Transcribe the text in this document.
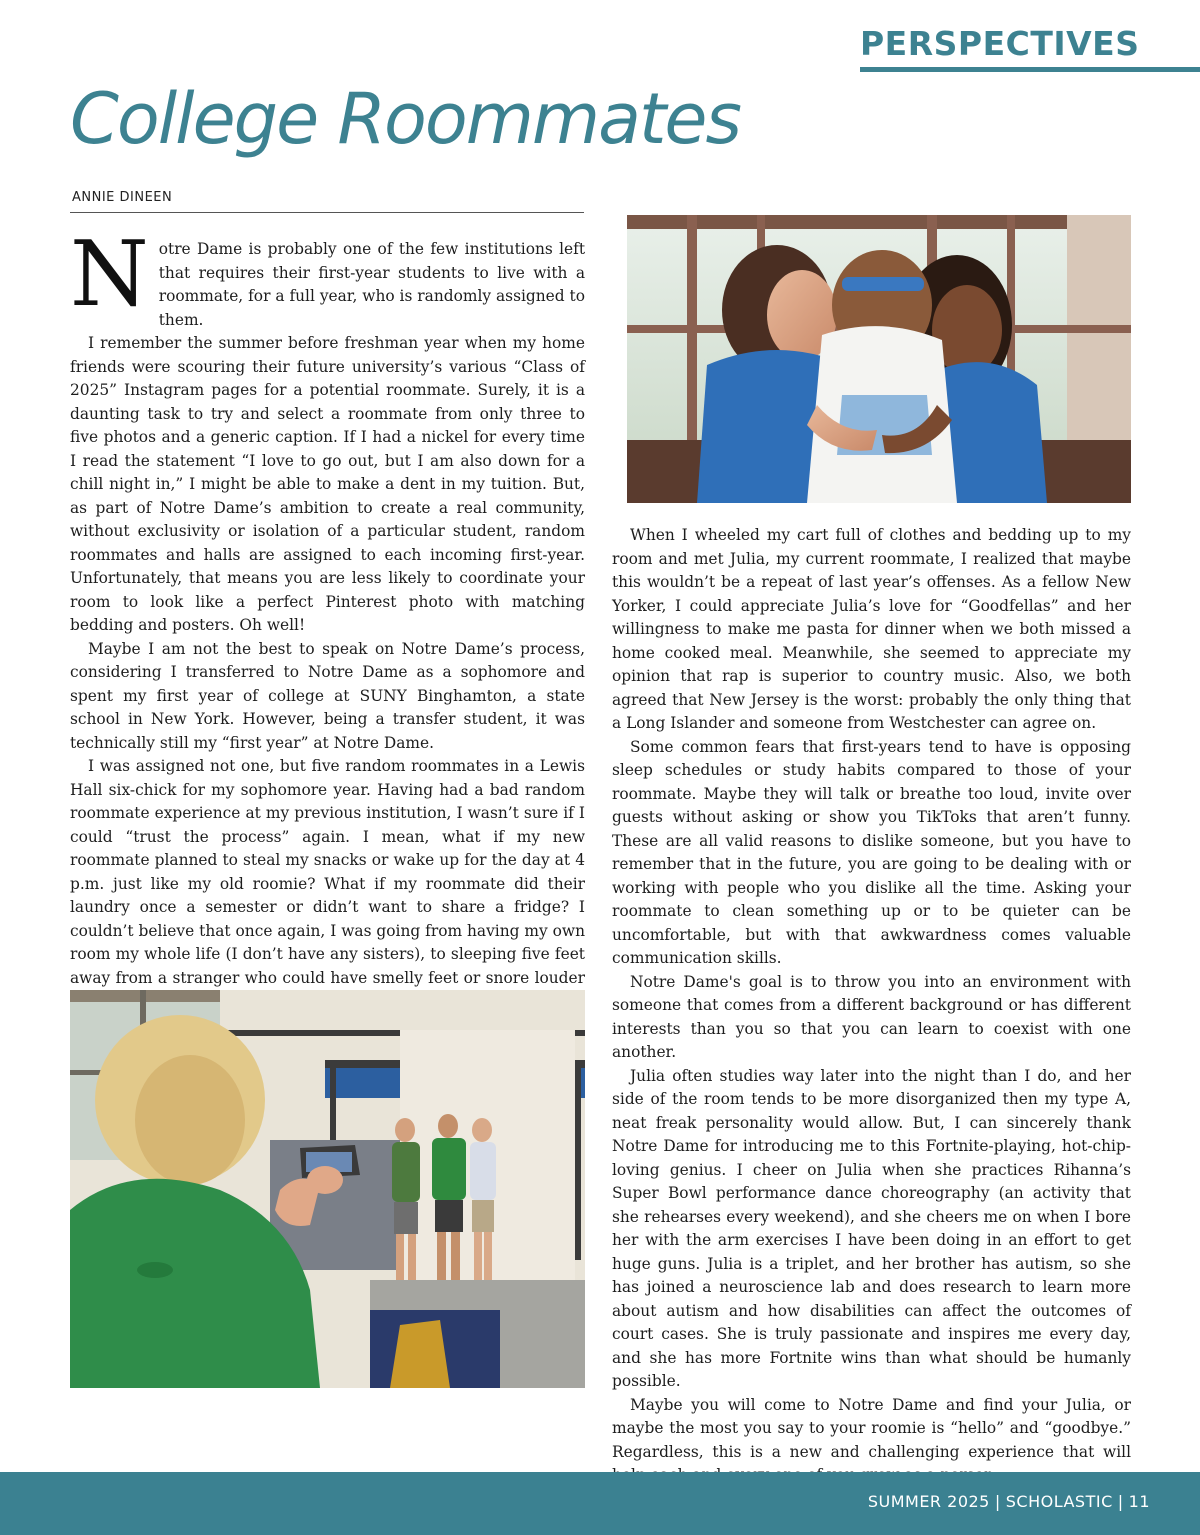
PERSPECTIVES
College Roommates
ANNIE DINEEN

Notre Dame is probably one of the few institutions left that requires their first-year students to live with a roommate, for a full year, who is randomly assigned to them.

I remember the summer before freshman year when my home friends were scouring their future university’s various “Class of 2025” Instagram pages for a potential roommate. Surely, it is a daunting task to try and select a roommate from only three to five photos and a generic caption. If I had a nickel for every time I read the statement “I love to go out, but I am also down for a chill night in,” I might be able to make a dent in my tuition. But, as part of Notre Dame’s ambition to create a real community, without exclusivity or isolation of a particular student, random roommates and halls are assigned to each incoming first-year. Unfortunately, that means you are less likely to coordinate your room to look like a perfect Pinterest photo with matching bedding and posters. Oh well!

Maybe I am not the best to speak on Notre Dame’s process, considering I transferred to Notre Dame as a sophomore and spent my first year of college at SUNY Binghamton, a state school in New York. However, being a transfer student, it was technically still my “first year” at Notre Dame.

I was assigned not one, but five random roommates in a Lewis Hall six-chick for my sophomore year. Having had a bad random roommate experience at my previous institution, I wasn’t sure if I could “trust the process” again. I mean, what if my new roommate planned to steal my snacks or wake up for the day at 4 p.m. just like my old roomie? What if my roommate did their laundry once a semester or didn’t want to share a fridge? I couldn’t believe that once again, I was going from having my own room my whole life (I don’t have any sisters), to sleeping five feet away from a stranger who could have smelly feet or snore louder

When I wheeled my cart full of clothes and bedding up to my room and met Julia, my current roommate, I realized that maybe this wouldn’t be a repeat of last year’s offenses. As a fellow New Yorker, I could appreciate Julia’s love for “Goodfellas” and her willingness to make me pasta for dinner when we both missed a home cooked meal. Meanwhile, she seemed to appreciate my opinion that rap is superior to country music. Also, we both agreed that New Jersey is the worst: probably the only thing that a Long Islander and someone from Westchester can agree on.

Some common fears that first-years tend to have is opposing sleep schedules or study habits compared to those of your roommate. Maybe they will talk or breathe too loud, invite over guests without asking or show you TikToks that aren’t funny. These are all valid reasons to dislike someone, but you have to remember that in the future, you are going to be dealing with or working with people who you dislike all the time. Asking your roommate to clean something up or to be quieter can be uncomfortable, but with that awkwardness comes valuable communication skills.

Notre Dame's goal is to throw you into an environment with someone that comes from a different background or has different interests than you so that you can learn to coexist with one another.

Julia often studies way later into the night than I do, and her side of the room tends to be more disorganized then my type A, neat freak personality would allow. But, I can sincerely thank Notre Dame for introducing me to this Fortnite-playing, hot-chip-loving genius. I cheer on Julia when she practices Rihanna’s Super Bowl performance dance choreography (an activity that she rehearses every weekend), and she cheers me on when I bore her with the arm exercises I have been doing in an effort to get huge guns. Julia is a triplet, and her brother has autism, so she has joined a neuroscience lab and does research to learn more about autism and how disabilities can affect the outcomes of court cases. She is truly passionate and inspires me every day, and she has more Fortnite wins than what should be humanly possible.

Maybe you will come to Notre Dame and find your Julia, or maybe the most you say to your roomie is “hello” and “goodbye.” Regardless, this is a new and challenging experience that will

SUMMER 2025 | SCHOLASTIC | 11
